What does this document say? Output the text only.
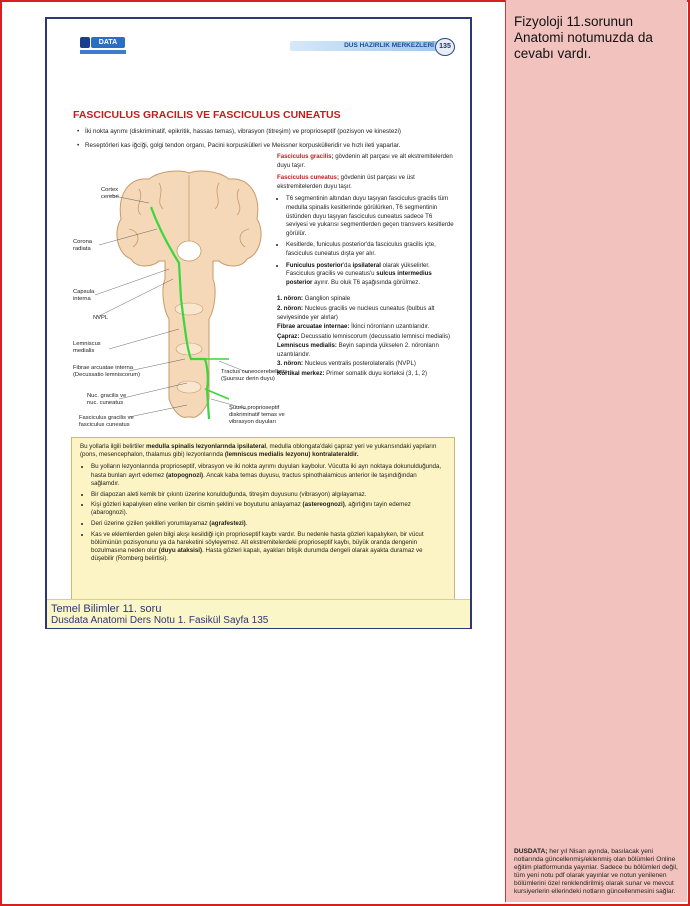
DATA	DUS HAZIRLIK MERKEZLERİ 135
FASCICULUS GRACILIS VE FASCICULUS CUNEATUS
• İki nokta ayrımı (diskriminatif, epikritik, hassas temas), vibrasyon (titreşim) ve proprioseptif (pozisyon ve kinestezi)
• Reseptörleri kas iğciği, golgi tendon organı, Pacini korpuskülleri ve Meissner korpuskülleridir ve hızlı ileti yaparlar.
Cortex
cerebri
Corona
radiata
Capsula
interna
NVPL
Lemniscus
medialis
Fibrae arcuatae interna
(Decussatio lemniscorum)
Nuc. gracilis ve
nuc. cuneatus
Fasciculus gracilis ve
fasciculus cuneatus
Tractus cuneocerebellaris
(Şuursuz derin duyu)
Şuurlu proprioseptif
diskriminatif temas ve
vibrasyon duyuları

Fasciculus gracilis; gövdenin alt parçası ve alt ekstremitelerden duyu taşır.

Fasciculus cuneatus; gövdenin üst parçası ve üst ekstremitelerden duyu taşır.

• T6 segmentinin altından duyu taşıyan fasciculus gracilis tüm medulla spinalis kesitlerinde görülürken, T6 segmentinin üstünden duyu taşıyan fasciculus cuneatus sadece T6 seviyesi ve yukarısı segmentlerden geçen transvers kesitlerde görülür.
• Kesitlerde, funiculus posterior'da fasciculus gracilis içte, fasciculus cuneatus dışta yer alır.
• Funiculus posterior'da ipsilateral olarak yükselirler. Fasciculus gracilis ve cuneatus'u sulcus intermedius posterior ayırır. Bu oluk T6 aşağısında görülmez.

1. nöron: Ganglion spinale

2. nöron: Nucleus gracilis ve nucleus cuneatus (bulbus alt seviyesinde yer alırlar)

Fibrae arcuatae internae: İkinci nöronların uzantılarıdır.

Çapraz: Decussatio lemniscorum (decussatio lemnisci medialis)

Lemniscus medialis: Beyin sapında yükselen 2. nöronların uzantılarıdır.

3. nöron: Nucleus ventralis posterolateralis (NVPL)

Kortikal merkez: Primer somatik duyu korteksi (3, 1, 2)

Bu yollarla ilgili belirtiler medulla spinalis lezyonlarında ipsilateral, medulla oblongata'daki çapraz yeri ve yukarısındaki yapıların (pons, mesencephalon, thalamus gibi) lezyonlarında (lemniscus medialis lezyonu) kontralateraldir.

• Bu yolların lezyonlarında proprioseptif, vibrasyon ve iki nokta ayrımı duyuları kaybolur. Vücutta iki ayrı noktaya dokunulduğunda, hasta bunları ayırt edemez (atopognozi). Ancak kaba temas duyusu, tractus spinothalamicus anterior ile taşındığından sağlamdır.
• Bir diapozan aleti kemik bir çıkıntı üzerine konulduğunda, titreşim duyusunu (vibrasyon) algılayamaz.
• Kişi gözleri kapalıyken eline verilen bir cismin şeklini ve boyutunu anlayamaz (astereognozi), ağırlığını tayin edemez (abarognozi).
• Deri üzerine çizilen şekilleri yorumlayamaz (agrafestezi).
• Kas ve eklemlerden gelen bilgi akışı kesildiği için proprioseptif kaybı vardır. Bu nedenle hasta gözleri kapalıyken, bir vücut bölümünün pozisyonunu ya da hareketini söyleyemez. Alt ekstremitelerdeki proprioseptif kaybı, büyük oranda dengenin bozulmasına neden olur (duyu ataksisi). Hasta gözleri kapalı, ayakları bitişik durumda dengeli olarak ayakta duramaz ve düşebilir (Romberg belirtisi).
Temel Bilimler 11. soru
Dusdata Anatomi Ders Notu 1. Fasikül Sayfa 135
Fizyoloji 11.sorunun Anatomi notumuzda da cevabı vardı.
DUSDATA; her yıl Nisan ayında, basılacak yeni notlarında güncellenmiş/eklenmiş olan bölümleri Online eğitim platformunda yayınlar. Sadece bu bölümleri değil, tüm yeni notu pdf olarak yayınlar ve notun yenilenen bölümlerini özel renklendirilmiş olarak sunar ve mevcut kursiyerlerin ellerindeki notların güncellenmesini sağlar.
